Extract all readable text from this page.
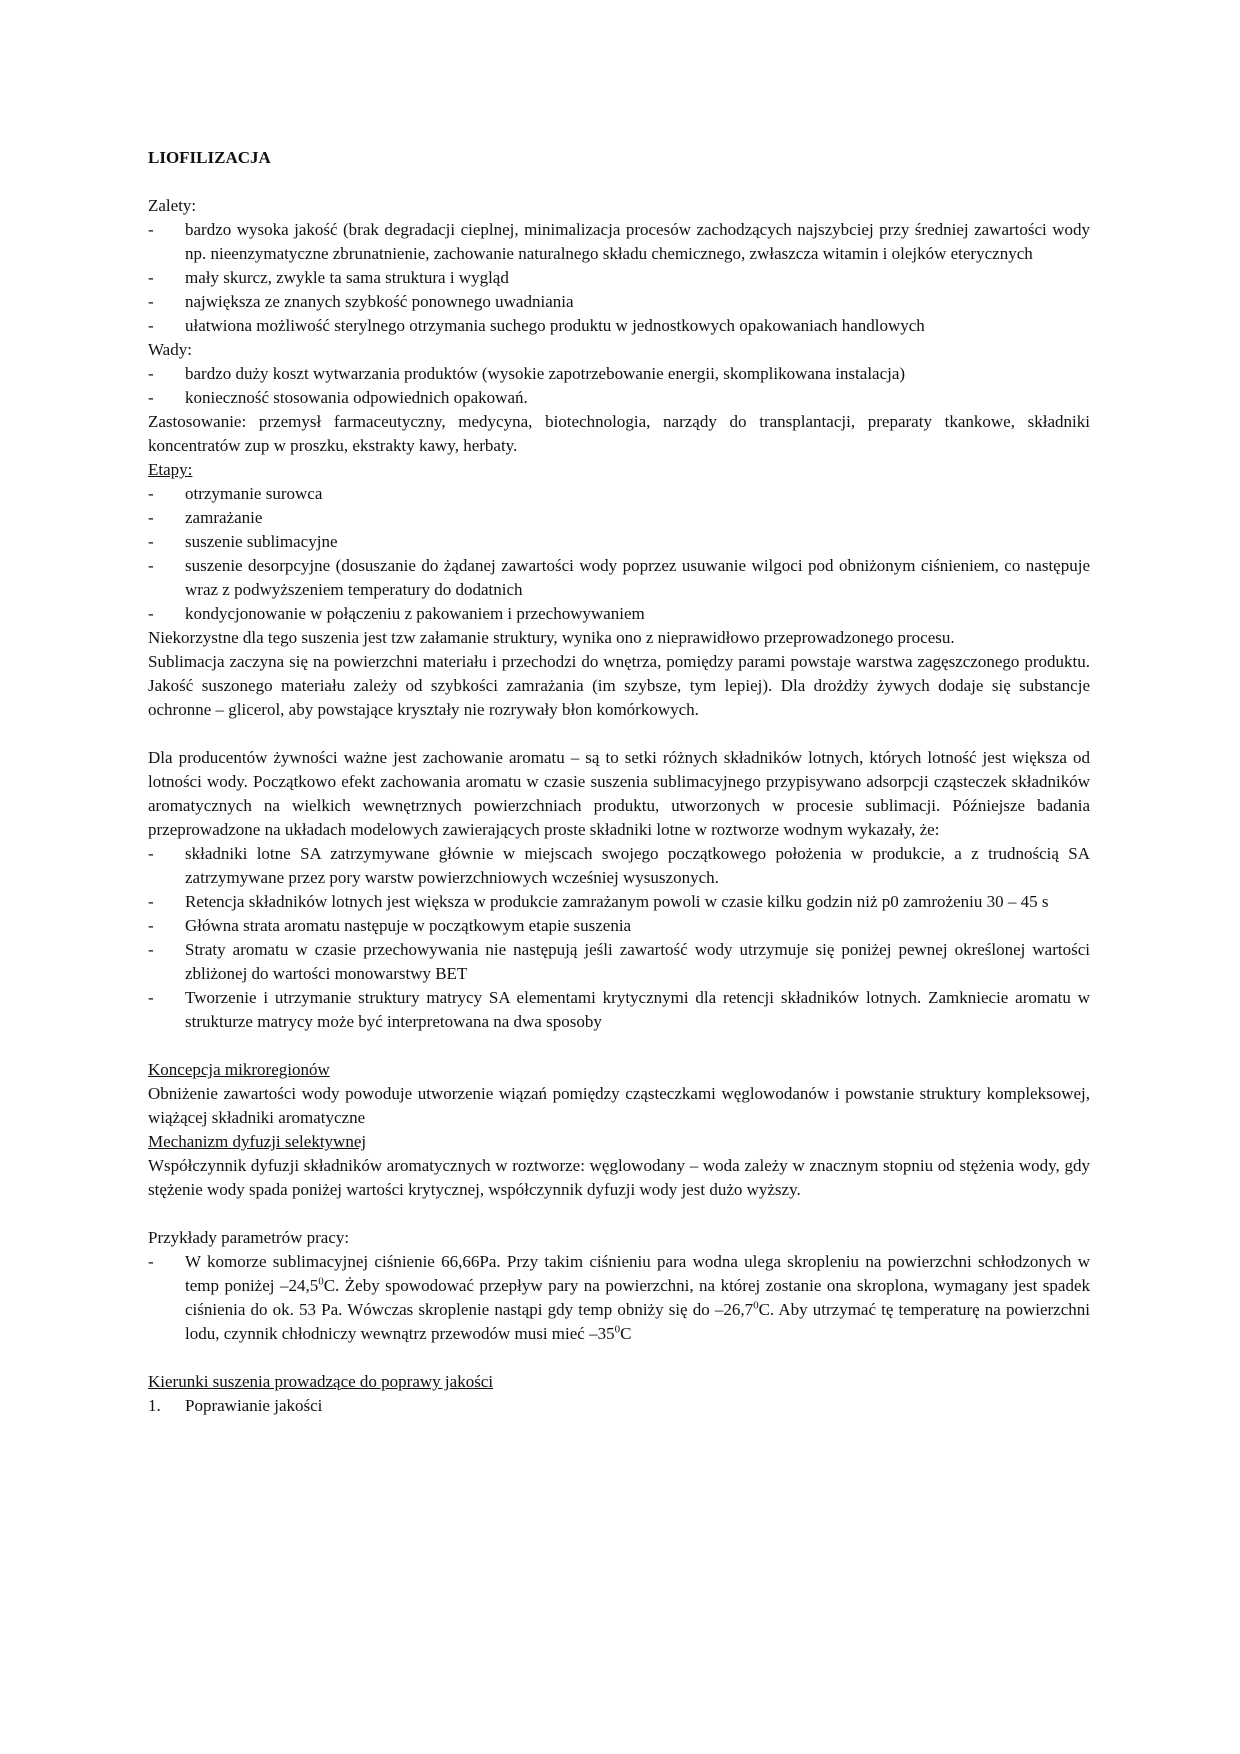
LIOFILIZACJA

Zalety:

- bardzo wysoka jakość (brak degradacji cieplnej, minimalizacja procesów zachodzących najszybciej przy średniej zawartości wody np. nieenzymatyczne zbrunatnienie, zachowanie naturalnego składu chemicznego, zwłaszcza witamin i olejków eterycznych
- mały skurcz, zwykle ta sama struktura i wygląd
- największa ze znanych szybkość ponownego uwadniania
- ułatwiona możliwość sterylnego otrzymania suchego produktu w jednostkowych opakowaniach handlowych

Wady:

- bardzo duży koszt wytwarzania produktów (wysokie zapotrzebowanie energii, skomplikowana instalacja)
- konieczność stosowania odpowiednich opakowań.

Zastosowanie: przemysł farmaceutyczny, medycyna, biotechnologia, narządy do transplantacji, preparaty tkankowe, składniki koncentratów zup w proszku, ekstrakty kawy, herbaty.

Etapy:

- otrzymanie surowca
- zamrażanie
- suszenie sublimacyjne
- suszenie desorpcyjne (dosuszanie do żądanej zawartości wody poprzez usuwanie wilgoci pod obniżonym ciśnieniem, co następuje wraz z podwyższeniem temperatury do dodatnich
- kondycjonowanie w połączeniu z pakowaniem i przechowywaniem

Niekorzystne dla tego suszenia jest tzw załamanie struktury, wynika ono z nieprawidłowo przeprowadzonego procesu.

Sublimacja zaczyna się na powierzchni materiału i przechodzi do wnętrza, pomiędzy parami powstaje warstwa zagęszczonego produktu. Jakość suszonego materiału zależy od szybkości zamrażania (im szybsze, tym lepiej). Dla drożdży żywych dodaje się substancje ochronne – glicerol, aby powstające kryształy nie rozrywały błon komórkowych.

Dla producentów żywności ważne jest zachowanie aromatu – są to setki różnych składników lotnych, których lotność jest większa od lotności wody. Początkowo efekt zachowania aromatu w czasie suszenia sublimacyjnego przypisywano adsorpcji cząsteczek składników aromatycznych na wielkich wewnętrznych powierzchniach produktu, utworzonych w procesie sublimacji. Późniejsze badania przeprowadzone na układach modelowych zawierających proste składniki lotne w roztworze wodnym wykazały, że:

- składniki lotne SA zatrzymywane głównie w miejscach swojego początkowego położenia w produkcie, a z trudnością SA zatrzymywane przez pory warstw powierzchniowych wcześniej wysuszonych.
- Retencja składników lotnych jest większa w produkcie zamrażanym powoli w czasie kilku godzin niż p0 zamrożeniu 30 – 45 s
- Główna strata aromatu następuje w początkowym etapie suszenia
- Straty aromatu w czasie przechowywania nie następują jeśli zawartość wody utrzymuje się poniżej pewnej określonej wartości zbliżonej do wartości monowarstwy BET
- Tworzenie i utrzymanie struktury matrycy SA elementami krytycznymi dla retencji składników lotnych. Zamkniecie aromatu w strukturze matrycy może być interpretowana na dwa sposoby

Koncepcja mikroregionów

Obniżenie zawartości wody powoduje utworzenie wiązań pomiędzy cząsteczkami węglowodanów i powstanie struktury kompleksowej, wiążącej składniki aromatyczne

Mechanizm dyfuzji selektywnej

Współczynnik dyfuzji składników aromatycznych w roztworze: węglowodany – woda zależy w znacznym stopniu od stężenia wody, gdy stężenie wody spada poniżej wartości krytycznej, współczynnik dyfuzji wody jest dużo wyższy.

Przykłady parametrów pracy:

- W komorze sublimacyjnej ciśnienie 66,66Pa. Przy takim ciśnieniu para wodna ulega skropleniu na powierzchni schłodzonych w temp poniżej –24,5$^0$C. Żeby spowodować przepływ pary na powierzchni, na której zostanie ona skroplona, wymagany jest spadek ciśnienia do ok. 53 Pa. Wówczas skroplenie nastąpi gdy temp obniży się do –26,7$^0$C. Aby utrzymać tę temperaturę na powierzchni lodu, czynnik chłodniczy wewnątrz przewodów musi mieć $-35^0C$

Kierunki suszenia prowadzące do poprawy jakości

1. Poprawianie jakości
